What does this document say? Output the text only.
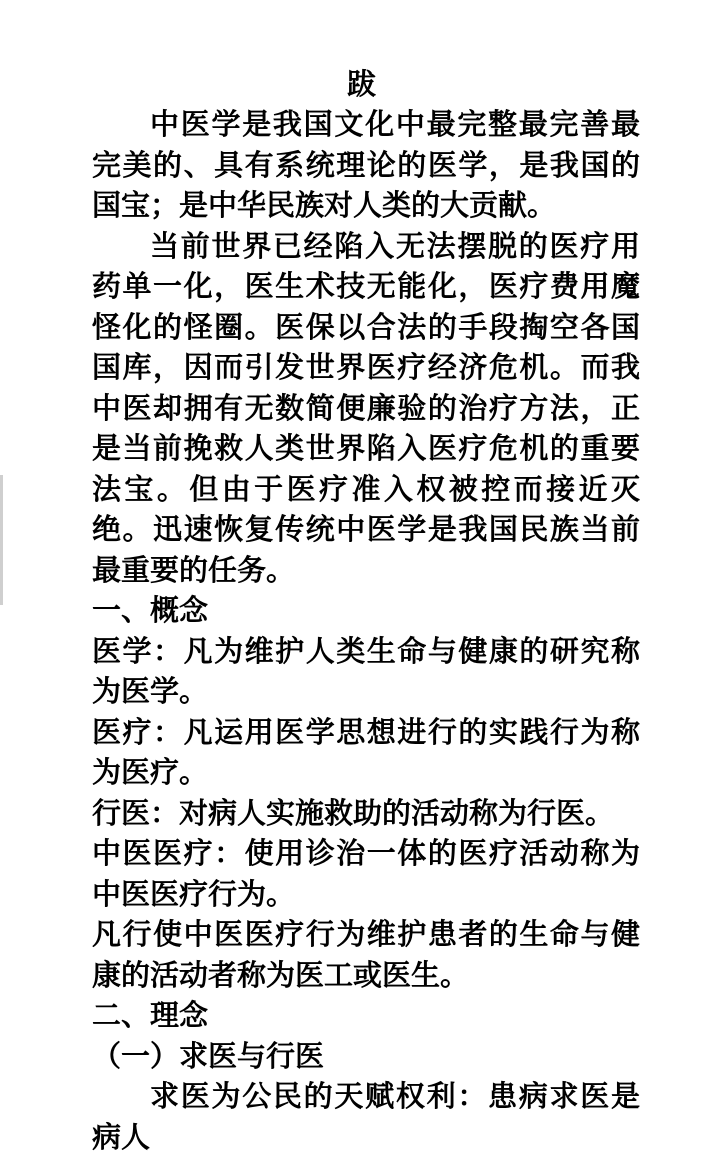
跋

中医学是我国文化中最完整最完善最完美的、具有系统理论的医学，是我国的国宝；是中华民族对人类的大贡献。

当前世界已经陷入无法摆脱的医疗用药单一化，医生术技无能化，医疗费用魔怪化的怪圈。医保以合法的手段掏空各国国库，因而引发世界医疗经济危机。而我中医却拥有无数简便廉验的治疗方法，正是当前挽救人类世界陷入医疗危机的重要法宝。但由于医疗准入权被控而接近灭绝。迅速恢复传统中医学是我国民族当前最重要的任务。

一、概念

医学：凡为维护人类生命与健康的研究称为医学。

医疗：凡运用医学思想进行的实践行为称为医疗。

行医：对病人实施救助的活动称为行医。

中医医疗：使用诊治一体的医疗活动称为中医医疗行为。

凡行使中医医疗行为维护患者的生命与健康的活动者称为医工或医生。

二、理念

（一）求医与行医

求医为公民的天赋权利：患病求医是病人
